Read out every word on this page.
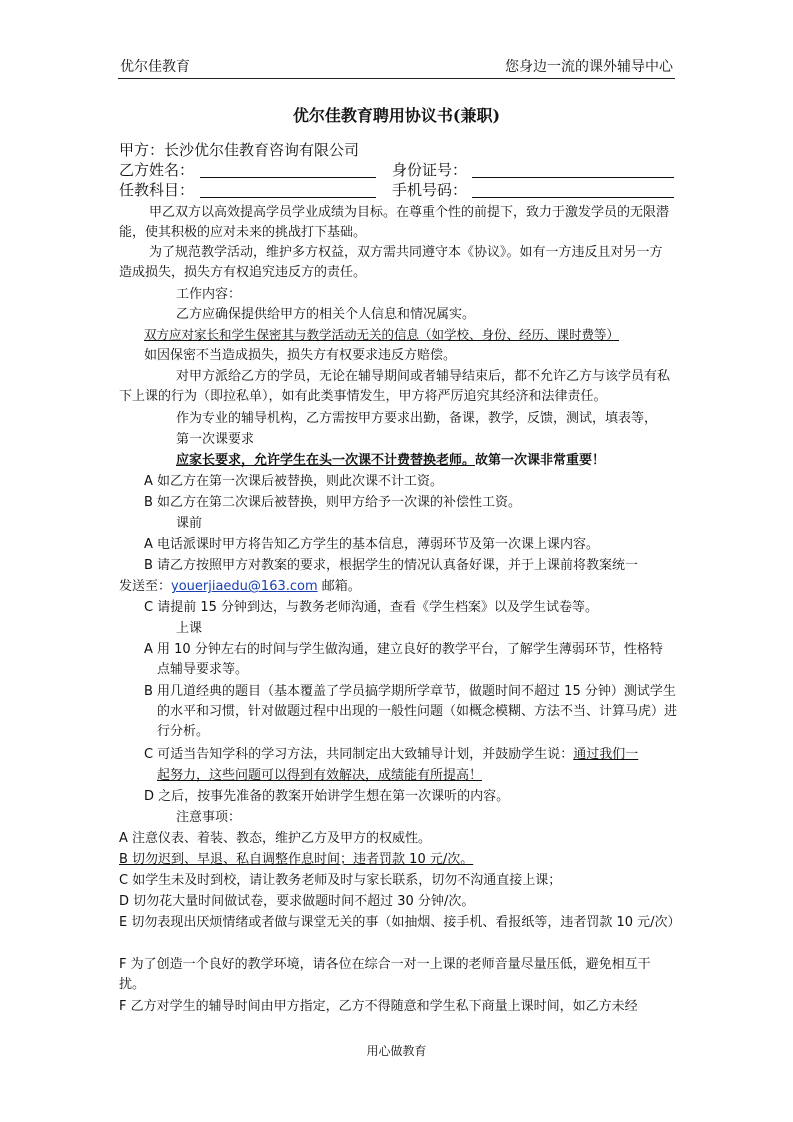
优尔佳教育	您身边一流的课外辅导中心
优尔佳教育聘用协议书(兼职)
甲方：长沙优尔佳教育咨询有限公司
乙方姓名：	身份证号：
任教科目：	手机号码：
甲乙双方以高效提高学员学业成绩为目标。在尊重个性的前提下，致力于激发学员的无限潜能，使其积极的应对未来的挑战打下基础。
为了规范教学活动，维护多方权益，双方需共同遵守本《协议》。如有一方违反且对另一方造成损失，损失方有权追究违反方的责任。
工作内容：
乙方应确保提供给甲方的相关个人信息和情况属实。
双方应对家长和学生保密其与教学活动无关的信息（如学校、身份、经历、课时费等）
如因保密不当造成损失，损失方有权要求违反方赔偿。
对甲方派给乙方的学员，无论在辅导期间或者辅导结束后，都不允许乙方与该学员有私下上课的行为（即拉私单），如有此类事情发生，甲方将严厉追究其经济和法律责任。
作为专业的辅导机构，乙方需按甲方要求出勤，备课，教学，反馈，测试，填表等，
第一次课要求
应家长要求，允许学生在头一次课不计费替换老师。故第一次课非常重要！
A 如乙方在第一次课后被替换，则此次课不计工资。
B 如乙方在第二次课后被替换，则甲方给予一次课的补偿性工资。
课前
A 电话派课时甲方将告知乙方学生的基本信息，薄弱环节及第一次课上课内容。
B 请乙方按照甲方对教案的要求，根据学生的情况认真备好课，并于上课前将教案统一
发送至：youerjiaedu@163.com 邮箱。
C 请提前 15 分钟到达，与教务老师沟通，查看《学生档案》以及学生试卷等。
上课
A 用 10 分钟左右的时间与学生做沟通，建立良好的教学平台，了解学生薄弱环节，性格特点辅导要求等。
B 用几道经典的题目（基本覆盖了学员搞学期所学章节，做题时间不超过 15 分钟）测试学生的水平和习惯，针对做题过程中出现的一般性问题（如概念模糊、方法不当、计算马虎）进行分析。
C 可适当告知学科的学习方法，共同制定出大致辅导计划，并鼓励学生说：通过我们一
起努力，这些问题可以得到有效解决，成绩能有所提高！
D 之后，按事先准备的教案开始讲学生想在第一次课听的内容。
注意事项：
A 注意仪表、着装、教态，维护乙方及甲方的权威性。
B 切勿迟到、早退、私自调整作息时间；违者罚款 10 元/次。
C 如学生未及时到校，请让教务老师及时与家长联系，切勿不沟通直接上课；
D 切勿花大量时间做试卷，要求做题时间不超过 30 分钟/次。
E 切勿表现出厌烦情绪或者做与课堂无关的事（如抽烟、接手机、看报纸等，违者罚款 10 元/次）
F 为了创造一个良好的教学环境，请各位在综合一对一上课的老师音量尽量压低，避免相互干扰。
F 乙方对学生的辅导时间由甲方指定，乙方不得随意和学生私下商量上课时间，如乙方未经
用心做教育
